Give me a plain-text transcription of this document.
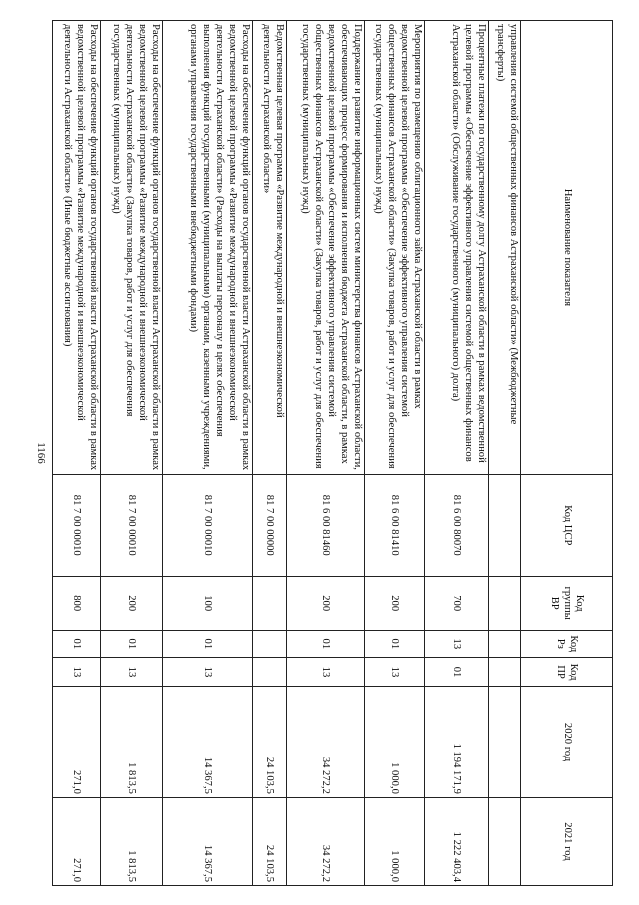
1166
Наименование показателя	Код ЦСР	Код группы ВР	Код Рз	Код ПР	2020 год	2021 год
управления системой общественных финансов Астраханской области» (Межбюджетные трансферты)						
Процентные платежи по государственному долгу Астраханской области в рамках ведомственной целевой программы «Обеспечение эффективного управления системой общественных финансов Астраханской области» (Обслуживание государственного (муниципального) долга)	81 6 00 80070	700	13	01	1 194 171,9	1 222 403,4
Мероприятия по размещению облигационного займа Астраханской области в рамках ведомственной целевой программы «Обеспечение эффективного управления системой общественных финансов Астраханской области» (Закупка товаров, работ и услуг для обеспечения государственных (муниципальных) нужд)	81 6 00 81410	200	01	13	1 000,0	1 000,0
Поддержание и развитие информационных систем министерства финансов Астраханской области, обеспечивающих процесс формирования и исполнения бюджета Астраханской области, в рамках ведомственной целевой программы «Обеспечение эффективного управления системой общественных финансов Астраханской области» (Закупка товаров, работ и услуг для обеспечения государственных (муниципальных) нужд)	81 6 00 81460	200	01	13	34 272,2	34 272,2
Ведомственная целевая программа «Развитие международной и внешнеэкономической деятельности Астраханской области»	81 7 00 00000				24 103,5	24 103,5
Расходы на обеспечение функций органов государственной власти Астраханской области в рамках ведомственной целевой программы «Развитие международной и внешнеэкономической деятельности Астраханской области» (Расходы на выплаты персоналу в целях обеспечения выполнения функций государственными (муниципальными) органами, казенными учреждениями, органами управления государственными внебюджетными фондами)	81 7 00 00010	100	01	13	14 367,5	14 367,5
Расходы на обеспечение функций органов государственной власти Астраханской области в рамках ведомственной целевой программы «Развитие международной и внешнеэкономической деятельности Астраханской области» (Закупка товаров, работ и услуг для обеспечения государственных (муниципальных) нужд)	81 7 00 00010	200	01	13	1 813,5	1 813,5
Расходы на обеспечение функций органов государственной власти Астраханской области в рамках ведомственной целевой программы «Развитие международной и внешнеэкономической деятельности Астраханской области» (Иные бюджетные ассигнования)	81 7 00 00010	800	01	13	271,0	271,0
